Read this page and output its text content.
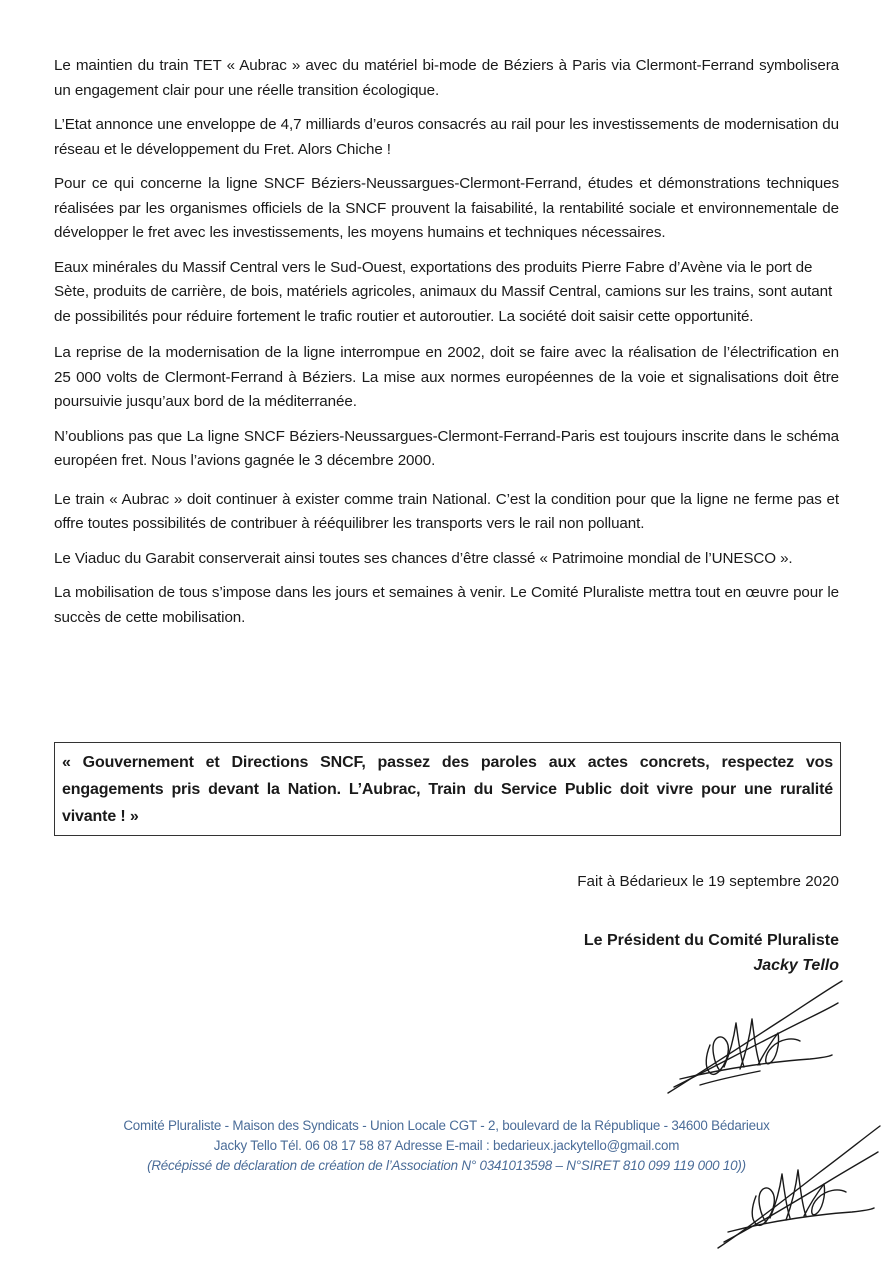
Le maintien du train TET « Aubrac » avec du matériel bi-mode de Béziers à Paris via Clermont-Ferrand symbolisera un engagement clair pour une réelle transition écologique.

L’Etat annonce une enveloppe de 4,7 milliards d’euros consacrés au rail pour les investissements de modernisation du réseau et le développement du Fret. Alors Chiche !

Pour ce qui concerne la ligne SNCF Béziers-Neussargues-Clermont-Ferrand, études et démonstrations techniques réalisées par les organismes officiels de la SNCF prouvent la faisabilité, la rentabilité sociale et environnementale de développer le fret avec les investissements, les moyens humains et techniques nécessaires.

Eaux minérales du Massif Central vers le Sud-Ouest, exportations des produits Pierre Fabre d’Avène via le port de Sète, produits de carrière, de bois, matériels agricoles, animaux du Massif Central, camions sur les trains, sont autant de possibilités pour réduire fortement le trafic routier et autoroutier. La société doit saisir cette opportunité.

La reprise de la modernisation de la ligne interrompue en 2002, doit se faire avec la réalisation de l’électrification en 25 000 volts de Clermont-Ferrand à Béziers. La mise aux normes européennes de la voie et signalisations doit être poursuivie jusqu’aux bord de la méditerranée.

N’oublions pas que La ligne SNCF Béziers-Neussargues-Clermont-Ferrand-Paris est toujours inscrite dans le schéma européen fret. Nous l’avions gagnée le 3 décembre 2000.

Le train « Aubrac » doit continuer à exister comme train National. C’est la condition pour que la ligne ne ferme pas et offre toutes possibilités de contribuer à rééquilibrer les transports vers le rail non polluant.

Le Viaduc du Garabit conserverait ainsi toutes ses chances d’être classé « Patrimoine mondial de l’UNESCO ».

La mobilisation de tous s’impose dans les jours et semaines à venir. Le Comité Pluraliste mettra tout en œuvre pour le succès de cette mobilisation.

« Gouvernement et Directions SNCF, passez des paroles aux actes concrets, respectez vos engagements pris devant la Nation. L’Aubrac, Train du Service Public doit vivre pour une ruralité vivante ! »
Fait à Bédarieux le 19 septembre 2020
Le Président du Comité Pluraliste
Jacky Tello
Comité Pluraliste - Maison des Syndicats - Union Locale CGT - 2, boulevard de la République - 34600 Bédarieux
Jacky Tello Tél. 06 08 17 58 87 Adresse E-mail : bedarieux.jackytello@gmail.com
(Récépissé de déclaration de création de l’Association N° 0341013598 – N°SIRET 810 099 119 000 10))
